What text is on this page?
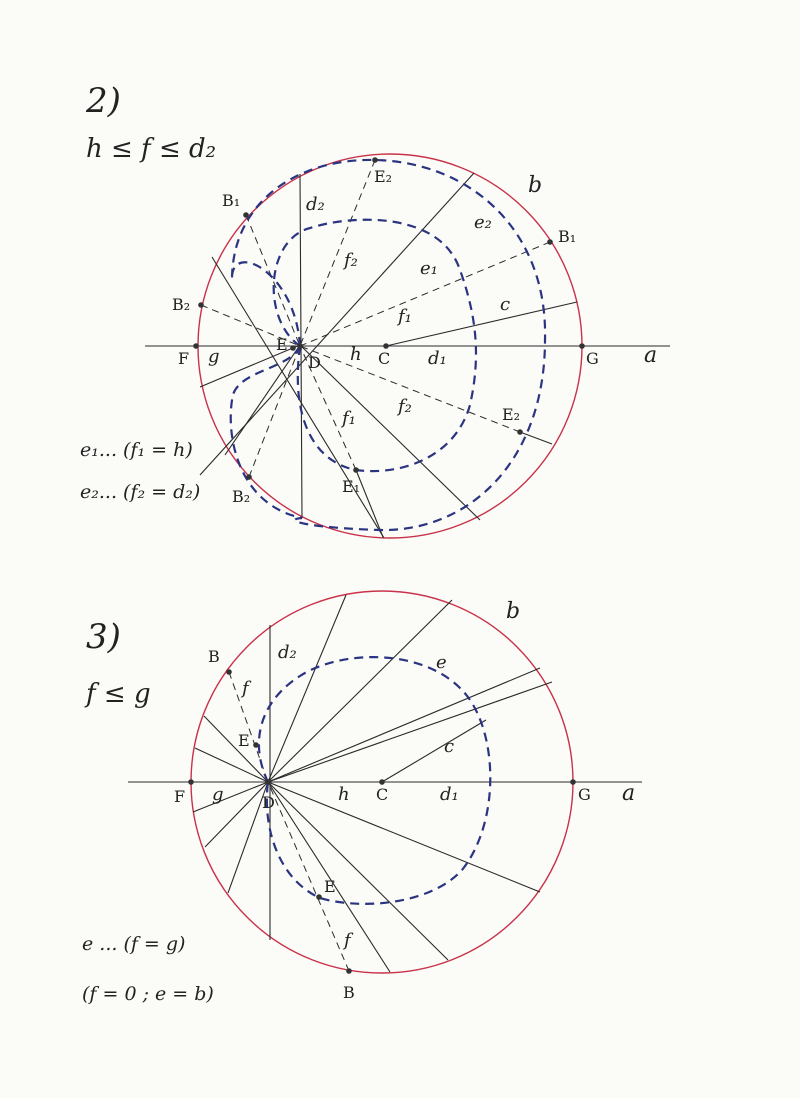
2)
h ≤ f ≤ d₂
b
a
F	G
C
D
E
g	h	d₁
d₂
c
B₁
B₁
B₂
B₂
E₂
E₂
E₁
e₂
e₁
f₁
f₁
f₂
f₂
e₁... (f₁ = h)
e₂... (f₂ = d₂)
3)
f ≤ g
b
a
F	G
C
D
g	h	d₁
d₂
c
e
B
B
E
E
f
f
e ... (f = g)
(f = 0 ; e = b)
